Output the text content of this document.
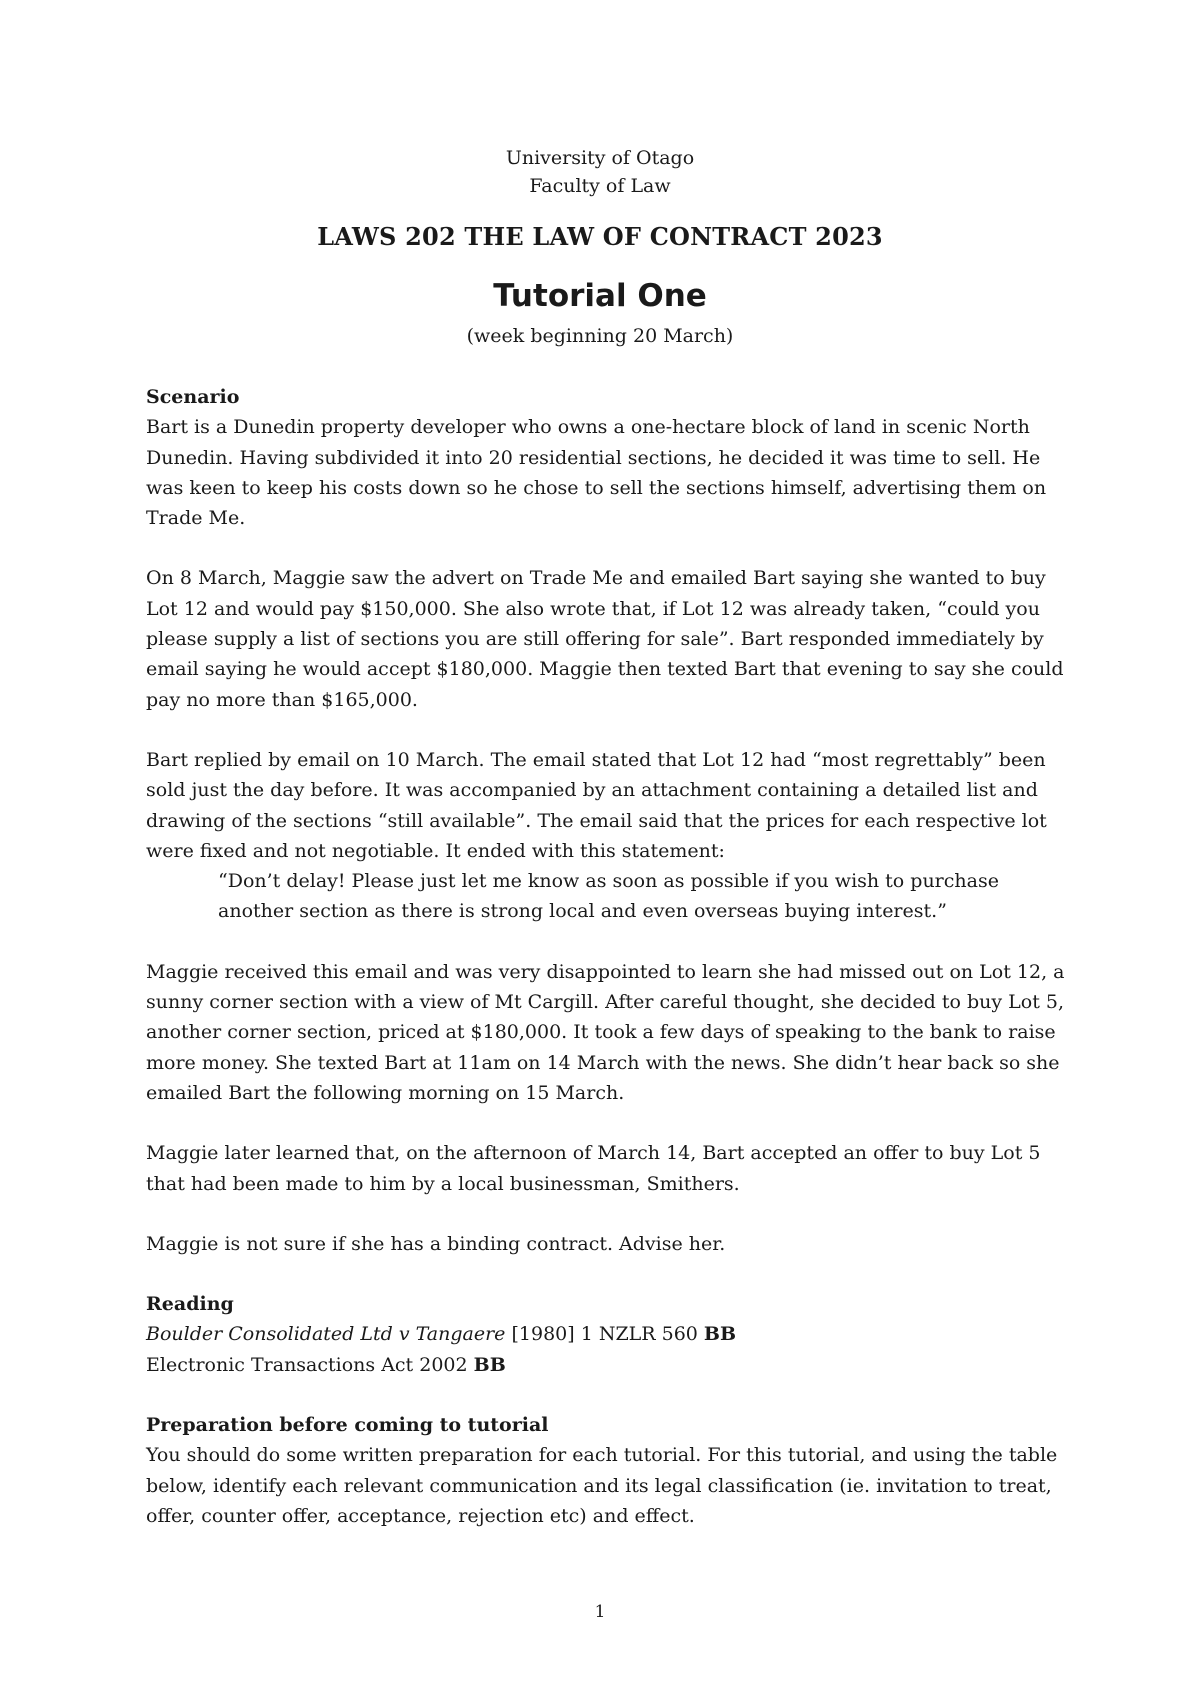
University of Otago
Faculty of Law
LAWS 202 THE LAW OF CONTRACT 2023
Tutorial One
(week beginning 20 March)
Scenario

Bart is a Dunedin property developer who owns a one-hectare block of land in scenic North Dunedin. Having subdivided it into 20 residential sections, he decided it was time to sell. He was keen to keep his costs down so he chose to sell the sections himself, advertising them on Trade Me.

On 8 March, Maggie saw the advert on Trade Me and emailed Bart saying she wanted to buy Lot 12 and would pay $150,000. She also wrote that, if Lot 12 was already taken, “could you please supply a list of sections you are still offering for sale”. Bart responded immediately by email saying he would accept $180,000. Maggie then texted Bart that evening to say she could pay no more than $165,000.

Bart replied by email on 10 March. The email stated that Lot 12 had “most regrettably” been sold just the day before. It was accompanied by an attachment containing a detailed list and drawing of the sections “still available”. The email said that the prices for each respective lot were fixed and not negotiable. It ended with this statement:

“Don’t delay! Please just let me know as soon as possible if you wish to purchase another section as there is strong local and even overseas buying interest.”

Maggie received this email and was very disappointed to learn she had missed out on Lot 12, a sunny corner section with a view of Mt Cargill. After careful thought, she decided to buy Lot 5, another corner section, priced at $180,000. It took a few days of speaking to the bank to raise more money. She texted Bart at 11am on 14 March with the news. She didn’t hear back so she emailed Bart the following morning on 15 March.

Maggie later learned that, on the afternoon of March 14, Bart accepted an offer to buy Lot 5 that had been made to him by a local businessman, Smithers.

Maggie is not sure if she has a binding contract. Advise her.

Reading
Boulder Consolidated Ltd v Tangaere [1980] 1 NZLR 560 BB
Electronic Transactions Act 2002 BB
Preparation before coming to tutorial

You should do some written preparation for each tutorial. For this tutorial, and using the table below, identify each relevant communication and its legal classification (ie. invitation to treat, offer, counter offer, acceptance, rejection etc) and effect.

1
